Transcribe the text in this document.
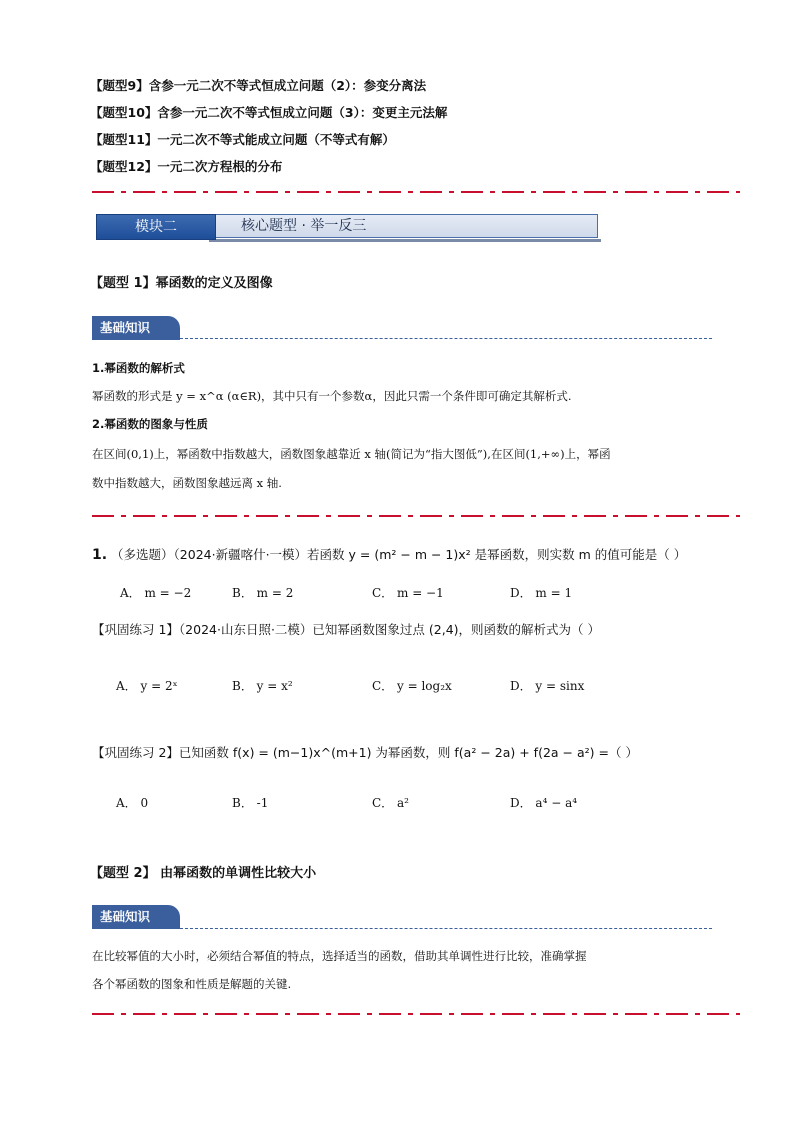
【题型9】含参一元二次不等式恒成立问题（2）：参变分离法
【题型10】含参一元二次不等式恒成立问题（3）：变更主元法解
【题型11】一元二次不等式能成立问题（不等式有解）
【题型12】一元二次方程根的分布
核心题型 · 举一反三
模块二
【题型 1】幂函数的定义及图像
基础知识
1.幂函数的解析式
幂函数的形式是 y = x^α (α∈R)，其中只有一个参数α，因此只需一个条件即可确定其解析式.
2.幂函数的图象与性质
在区间(0,1)上，幂函数中指数越大，函数图象越靠近 x 轴(简记为“指大图低”),在区间(1,+∞)上，幂函
数中指数越大，函数图象越远离 x 轴.
1. （多选题）（2024·新疆喀什·一模）若函数 y = (m² − m − 1)x² 是幂函数，则实数 m 的值可能是（ ）
A． m = −2	B． m = 2	C． m = −1	D． m = 1
【巩固练习 1】（2024·山东日照·二模）已知幂函数图象过点 (2,4)，则函数的解析式为（ ）
A． y = 2ˣ	B． y = x²	C． y = log₂x	D． y = sinx
【巩固练习 2】已知函数 f(x) = (m−1)x^(m+1) 为幂函数，则 f(a² − 2a) + f(2a − a²) =（ ）
A． 0	B． -1	C． a²	D． a⁴ − a⁴
【题型 2】 由幂函数的单调性比较大小
基础知识
在比较幂值的大小时，必须结合幂值的特点，选择适当的函数，借助其单调性进行比较，准确掌握
各个幂函数的图象和性质是解题的关键.
